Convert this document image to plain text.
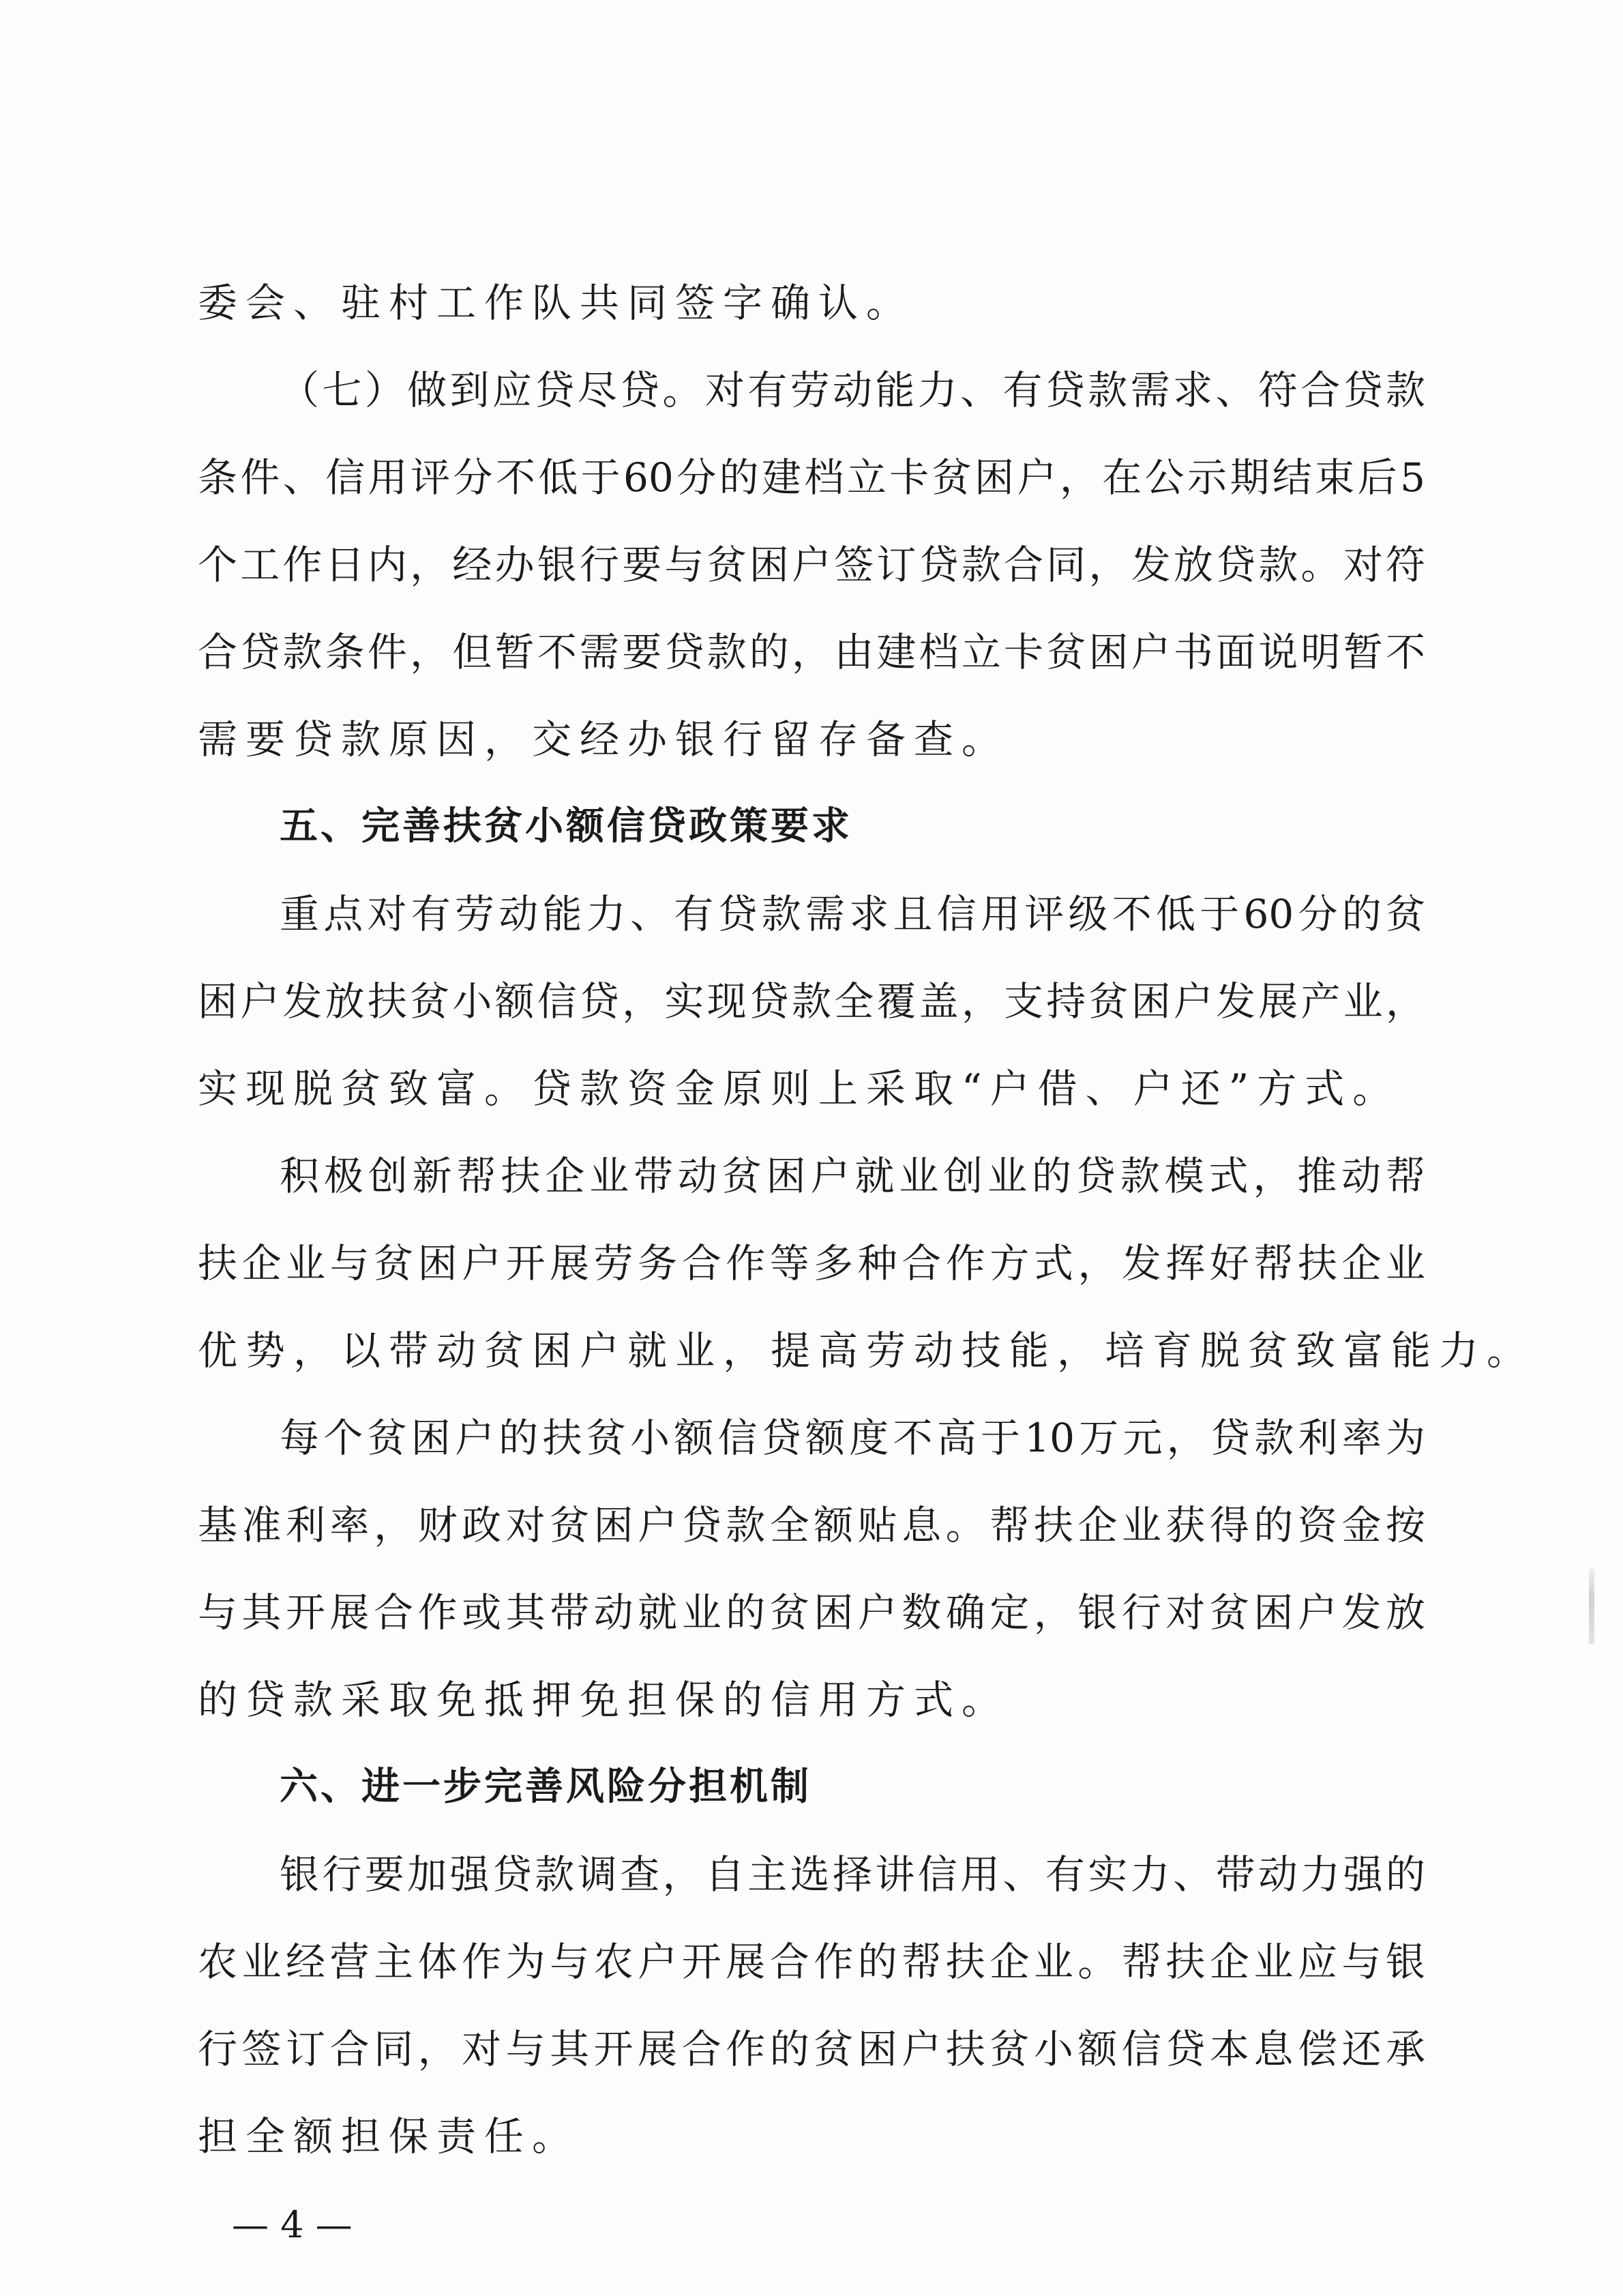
委会、驻村工作队共同签字确认。
（七）做到应贷尽贷。对有劳动能力、有贷款需求、符合贷款
条件、信用评分不低于60分的建档立卡贫困户，在公示期结束后5
个工作日内，经办银行要与贫困户签订贷款合同，发放贷款。对符
合贷款条件，但暂不需要贷款的，由建档立卡贫困户书面说明暂不
需要贷款原因，交经办银行留存备查。
五、完善扶贫小额信贷政策要求
重点对有劳动能力、有贷款需求且信用评级不低于60分的贫
困户发放扶贫小额信贷，实现贷款全覆盖，支持贫困户发展产业，
实现脱贫致富。贷款资金原则上采取“户借、户还”方式。
积极创新帮扶企业带动贫困户就业创业的贷款模式，推动帮
扶企业与贫困户开展劳务合作等多种合作方式，发挥好帮扶企业
优势，以带动贫困户就业，提高劳动技能，培育脱贫致富能力。
每个贫困户的扶贫小额信贷额度不高于10万元，贷款利率为
基准利率，财政对贫困户贷款全额贴息。帮扶企业获得的资金按
与其开展合作或其带动就业的贫困户数确定，银行对贫困户发放
的贷款采取免抵押免担保的信用方式。
六、进一步完善风险分担机制
银行要加强贷款调查，自主选择讲信用、有实力、带动力强的
农业经营主体作为与农户开展合作的帮扶企业。帮扶企业应与银
行签订合同，对与其开展合作的贫困户扶贫小额信贷本息偿还承
担全额担保责任。
— 4 —
